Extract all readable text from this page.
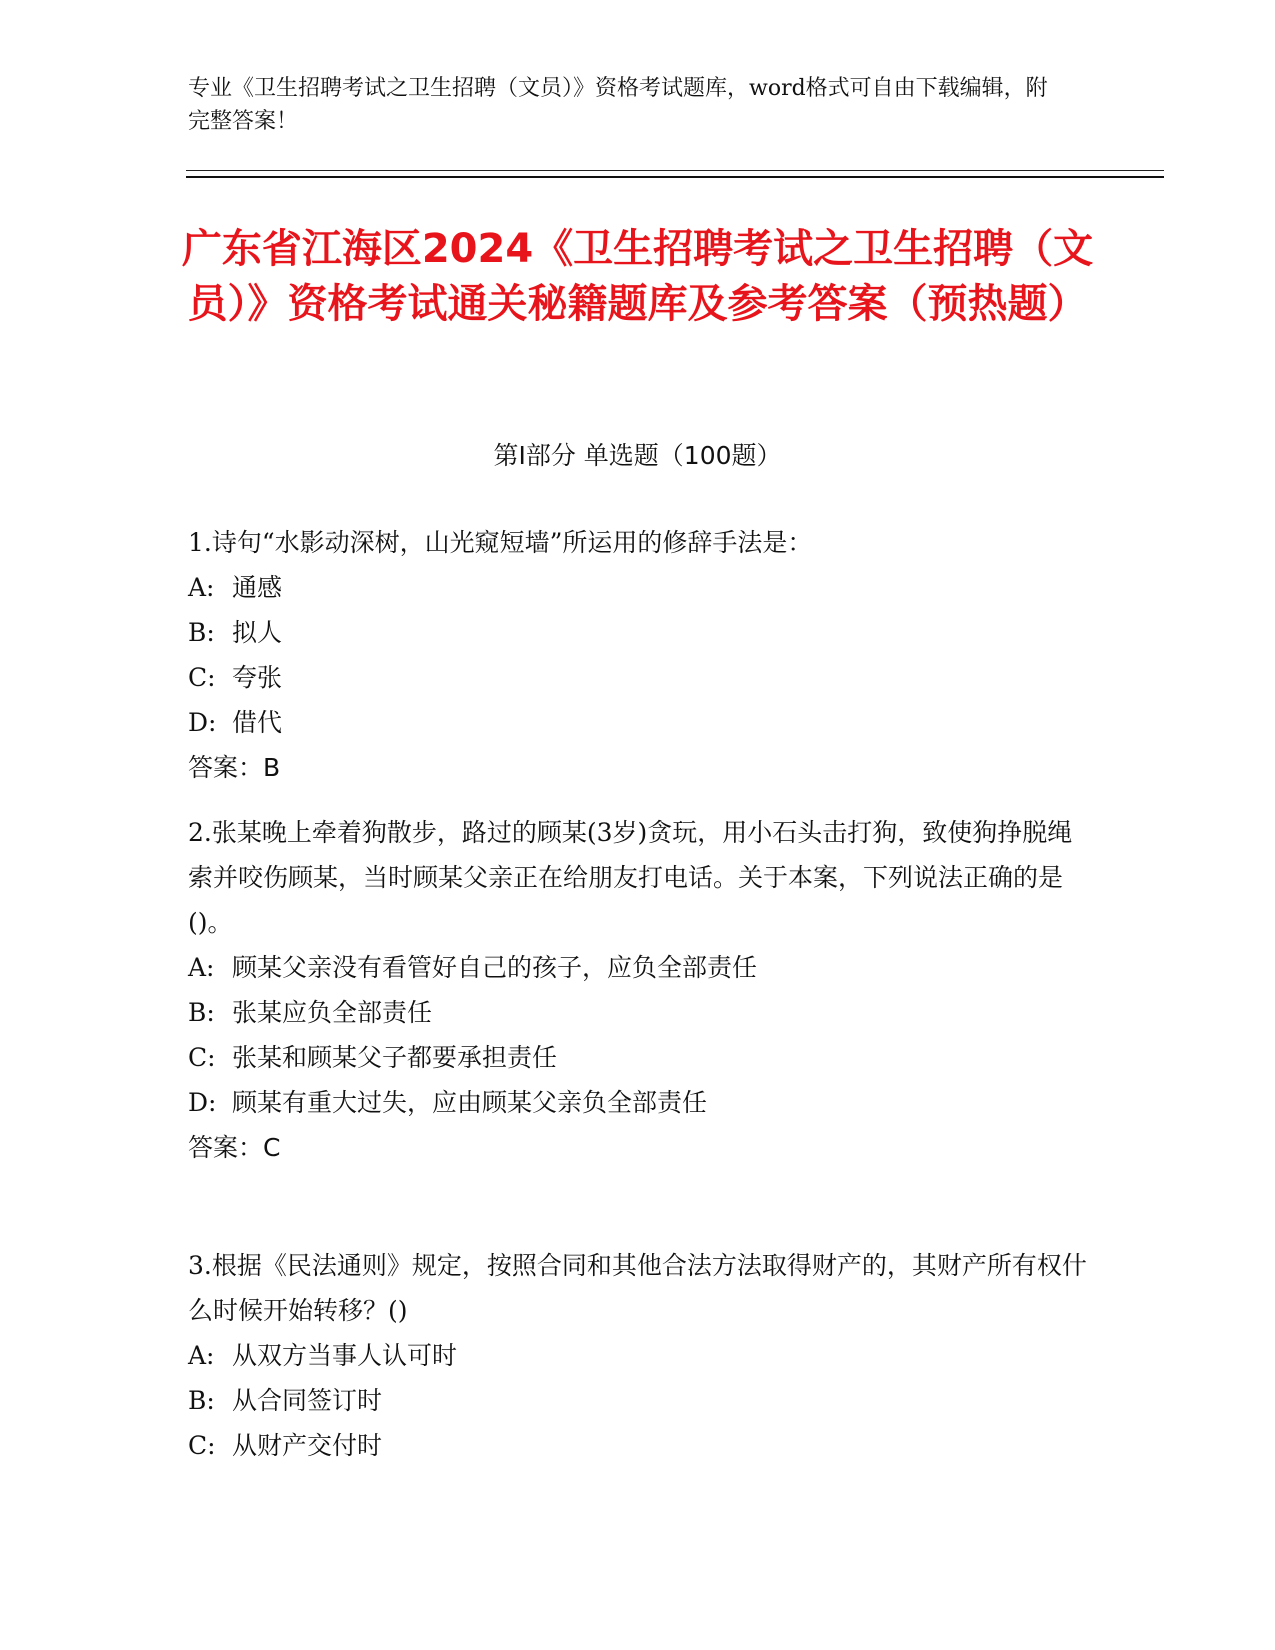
专业《卫生招聘考试之卫生招聘（文员）》资格考试题库，word格式可自由下载编辑，附完整答案！
广东省江海区2024《卫生招聘考试之卫生招聘（文员）》资格考试通关秘籍题库及参考答案（预热题）
第I部分 单选题（100题）

1.诗句“水影动深树，山光窥短墙”所运用的修辞手法是：

A: 通感

B: 拟人

C: 夸张

D: 借代

答案：B

2.张某晚上牵着狗散步，路过的顾某(3岁)贪玩，用小石头击打狗，致使狗挣脱绳索并咬伤顾某，当时顾某父亲正在给朋友打电话。关于本案，下列说法正确的是()。

A: 顾某父亲没有看管好自己的孩子，应负全部责任

B: 张某应负全部责任

C: 张某和顾某父子都要承担责任

D: 顾某有重大过失，应由顾某父亲负全部责任

答案：C

3.根据《民法通则》规定，按照合同和其他合法方法取得财产的，其财产所有权什么时候开始转移？()

A: 从双方当事人认可时

B: 从合同签订时

C: 从财产交付时
